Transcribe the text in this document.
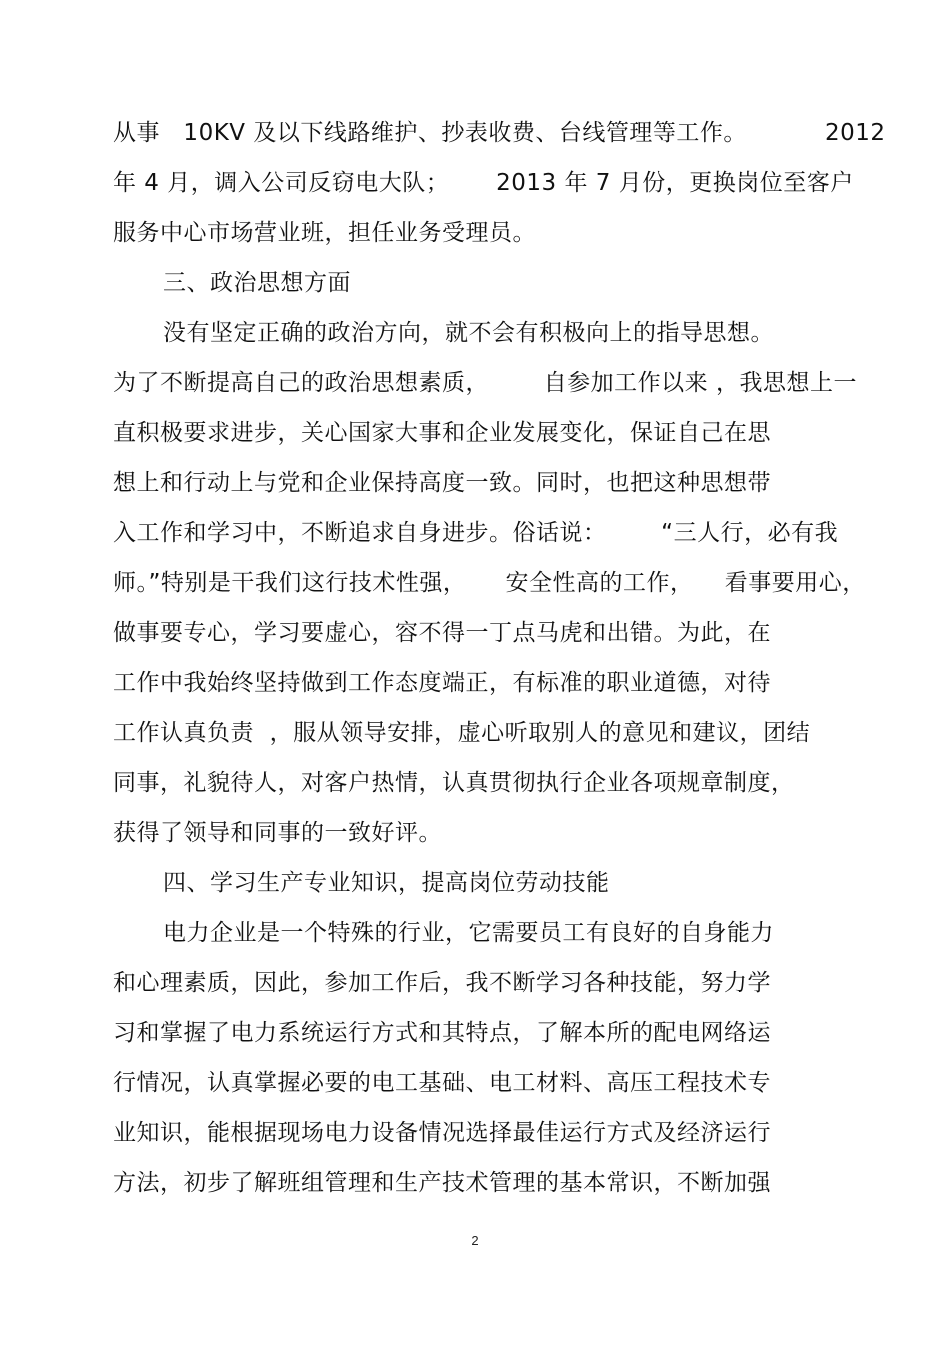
从事   10KV 及以下线路维护、抄表收费、台线管理等工作。          2012
年 4 月，调入公司反窃电大队；      2013 年 7 月份，更换岗位至客户
服务中心市场营业班，担任业务受理员。
三、政治思想方面
没有坚定正确的政治方向，就不会有积极向上的指导思想。
为了不断提高自己的政治思想素质，       自参加工作以来 ，我思想上一
直积极要求进步，关心国家大事和企业发展变化，保证自己在思
想上和行动上与党和企业保持高度一致。同时，也把这种思想带
入工作和学习中，不断追求自身进步。俗话说：       “三人行，必有我
师。”特别是干我们这行技术性强，     安全性高的工作，    看事要用心，
做事要专心，学习要虚心，容不得一丁点马虎和出错。为此，在
工作中我始终坚持做到工作态度端正，有标准的职业道德，对待
工作认真负责  ，服从领导安排，虚心听取别人的意见和建议，团结
同事，礼貌待人，对客户热情，认真贯彻执行企业各项规章制度，
获得了领导和同事的一致好评。
四、学习生产专业知识，提高岗位劳动技能
电力企业是一个特殊的行业，它需要员工有良好的自身能力
和心理素质，因此，参加工作后，我不断学习各种技能，努力学
习和掌握了电力系统运行方式和其特点，了解本所的配电网络运
行情况，认真掌握必要的电工基础、电工材料、高压工程技术专
业知识，能根据现场电力设备情况选择最佳运行方式及经济运行
方法，初步了解班组管理和生产技术管理的基本常识，不断加强
2
